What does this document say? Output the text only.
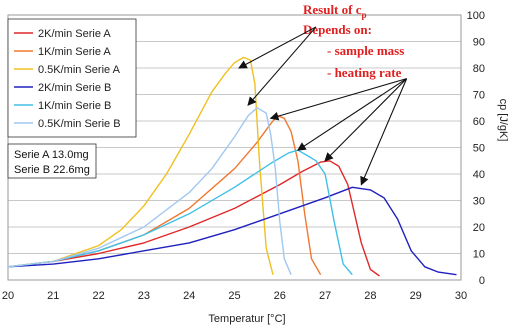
20	21	22	23	24	25	26	27	28	29	30
0
10
20
30
40
50
60
70
80
90
100
Temperatur [°C]
cp [J/gK]
2K/min Serie A
1K/min Serie A
0.5K/min Serie A
2K/min Serie B
1K/min Serie B
0.5K/min Serie B
Serie A 13.0mg
Serie B 22.6mg
Result of $c_p$
Depends on:
- sample mass
- heating rate
